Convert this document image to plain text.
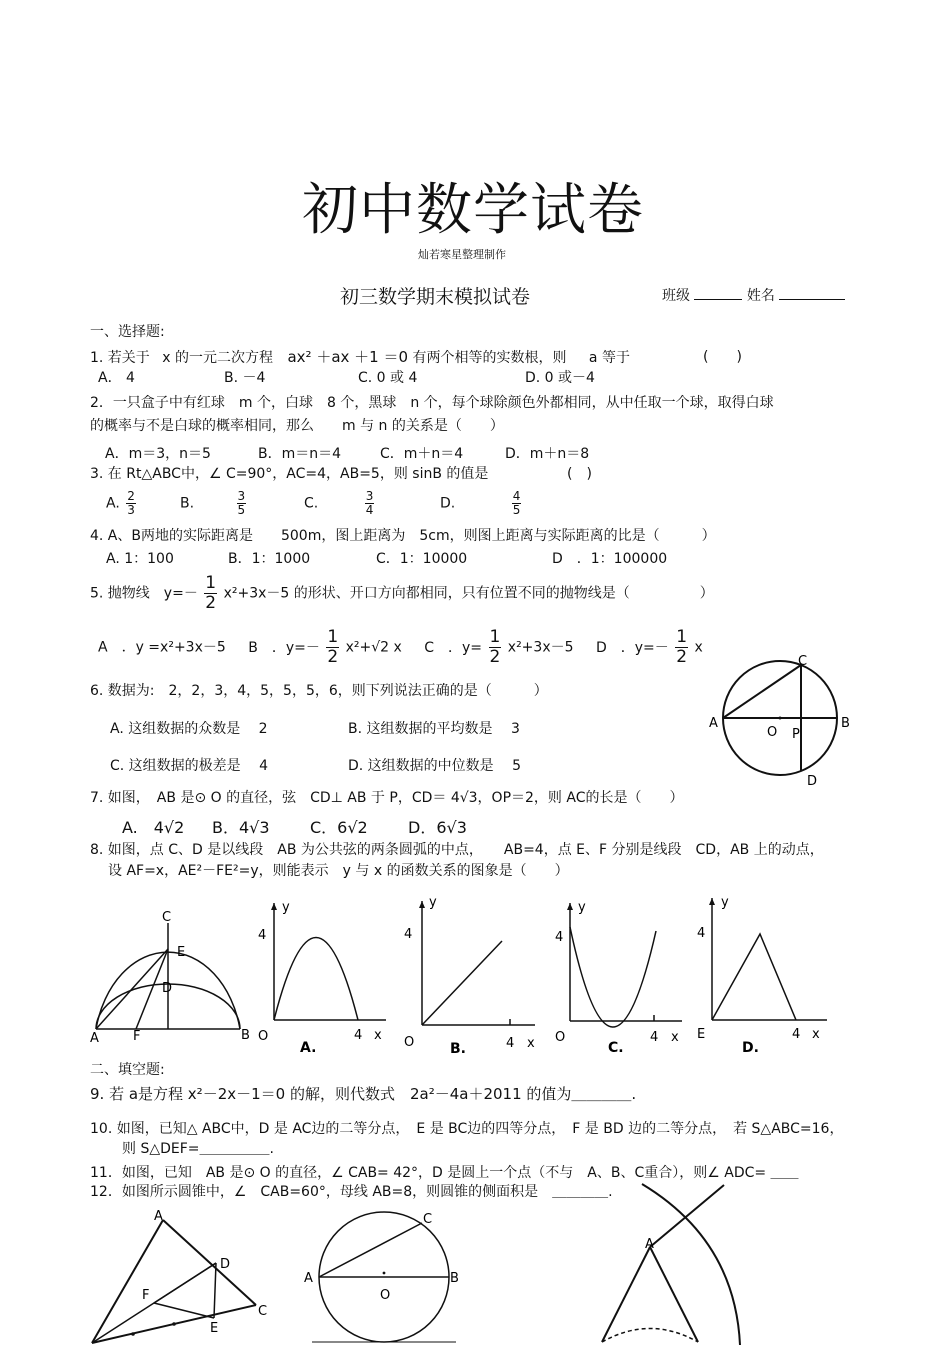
初中数学试卷
灿若寒星整理制作
初三数学期末模拟试卷	班级	姓名
一、选择题:
1. 若关于 x 的一元二次方程 ax² ＋ax ＋1 ＝0 有两个相等的实数根，则 a 等于	(　　)
A． 4	B. －4	C. 0 或 4	D. 0 或－4
2．一只盒子中有红球　m 个，白球　8 个，黑球　n 个，每个球除颜色外都相同，从中任取一个球，取得白球
的概率与不是白球的概率相同，那么　　m 与 n 的关系是（　　）
A．m＝3，n＝5	B．m＝n＝4	C．m＋n＝4	D．m＋n＝8
3. 在 Rt△ABC中，∠ C=90°，AC=4，AB=5，则 sinB 的值是	(　)
A. $\frac{2}{3}$	B.	$\frac{3}{5}$	C.	$\frac{3}{4}$	D.	$\frac{4}{5}$
4. A、B两地的实际距离是　　500m，图上距离为　5cm，则图上距离与实际距离的比是（　　　）
A. 1：100	B．1：1000	C．1：10000	D　．1：100000
5. 抛物线　$y=- \frac{1}{2} x^2+3x-5$ 的形状、开口方向都相同，只有位置不同的抛物线是（　　　　　）
A　．y =x²+3x－5 B　．$y=- \frac{1}{2} x^2+√2$ x C　．$y= \frac{1}{2} x^2+3x-5$ D　．$y=- \frac{1}{2}$ x
6. 数据为:　2，2，3，4，5，5，5，6，则下列说法正确的是（　　　）
A. 这组数据的众数是　 2	B. 这组数据的平均数是　 3
C. 这组数据的极差是　 4	D. 这组数据的中位数是　 5
C
A	B
O P
D
7. 如图，　AB 是⊙ O 的直径，弦　CD⊥ AB 于 P，CD＝ 4√3，OP＝2，则 AC的长是（　　）
A.　4√2 B．4√3	C．6√2	D．6√3
8. 如图，点 C、D 是以线段　AB 为公共弦的两条圆弧的中点，　　AB=4，点 E、F 分别是线段　CD，AB 上的动点，
设 AF=x，AE²－FE²=y，则能表示　y 与 x 的函数关系的图象是（　　）
C
E
D
A	F	B
y
4
O	4 x
A.
y
4
O	4 x
B.
y
4
O	4 x
C.
y
4
E	4 x
D.
二、填空题:
9. 若 a是方程 x²－2x－1＝0 的解，则代数式　2a²－4a＋2011 的值为＿＿＿＿.
10. 如图，已知△ ABC中，D 是 AC边的二等分点，　E 是 BC边的四等分点，　F 是 BD 边的二等分点，　若 S△ABC=16，
则 S△DEF=＿＿＿＿＿.
11．如图，已知　AB 是⊙ O 的直径，∠ CAB= 42°，D 是圆上一个点（不与　A、B、C重合），则∠ ADC= ＿＿
12．如图所示圆锥中，∠　CAB=60°，母线 AB=8，则圆锥的侧面积是　＿＿＿＿.
A
D
F
C
E
C
A	B
O
A
